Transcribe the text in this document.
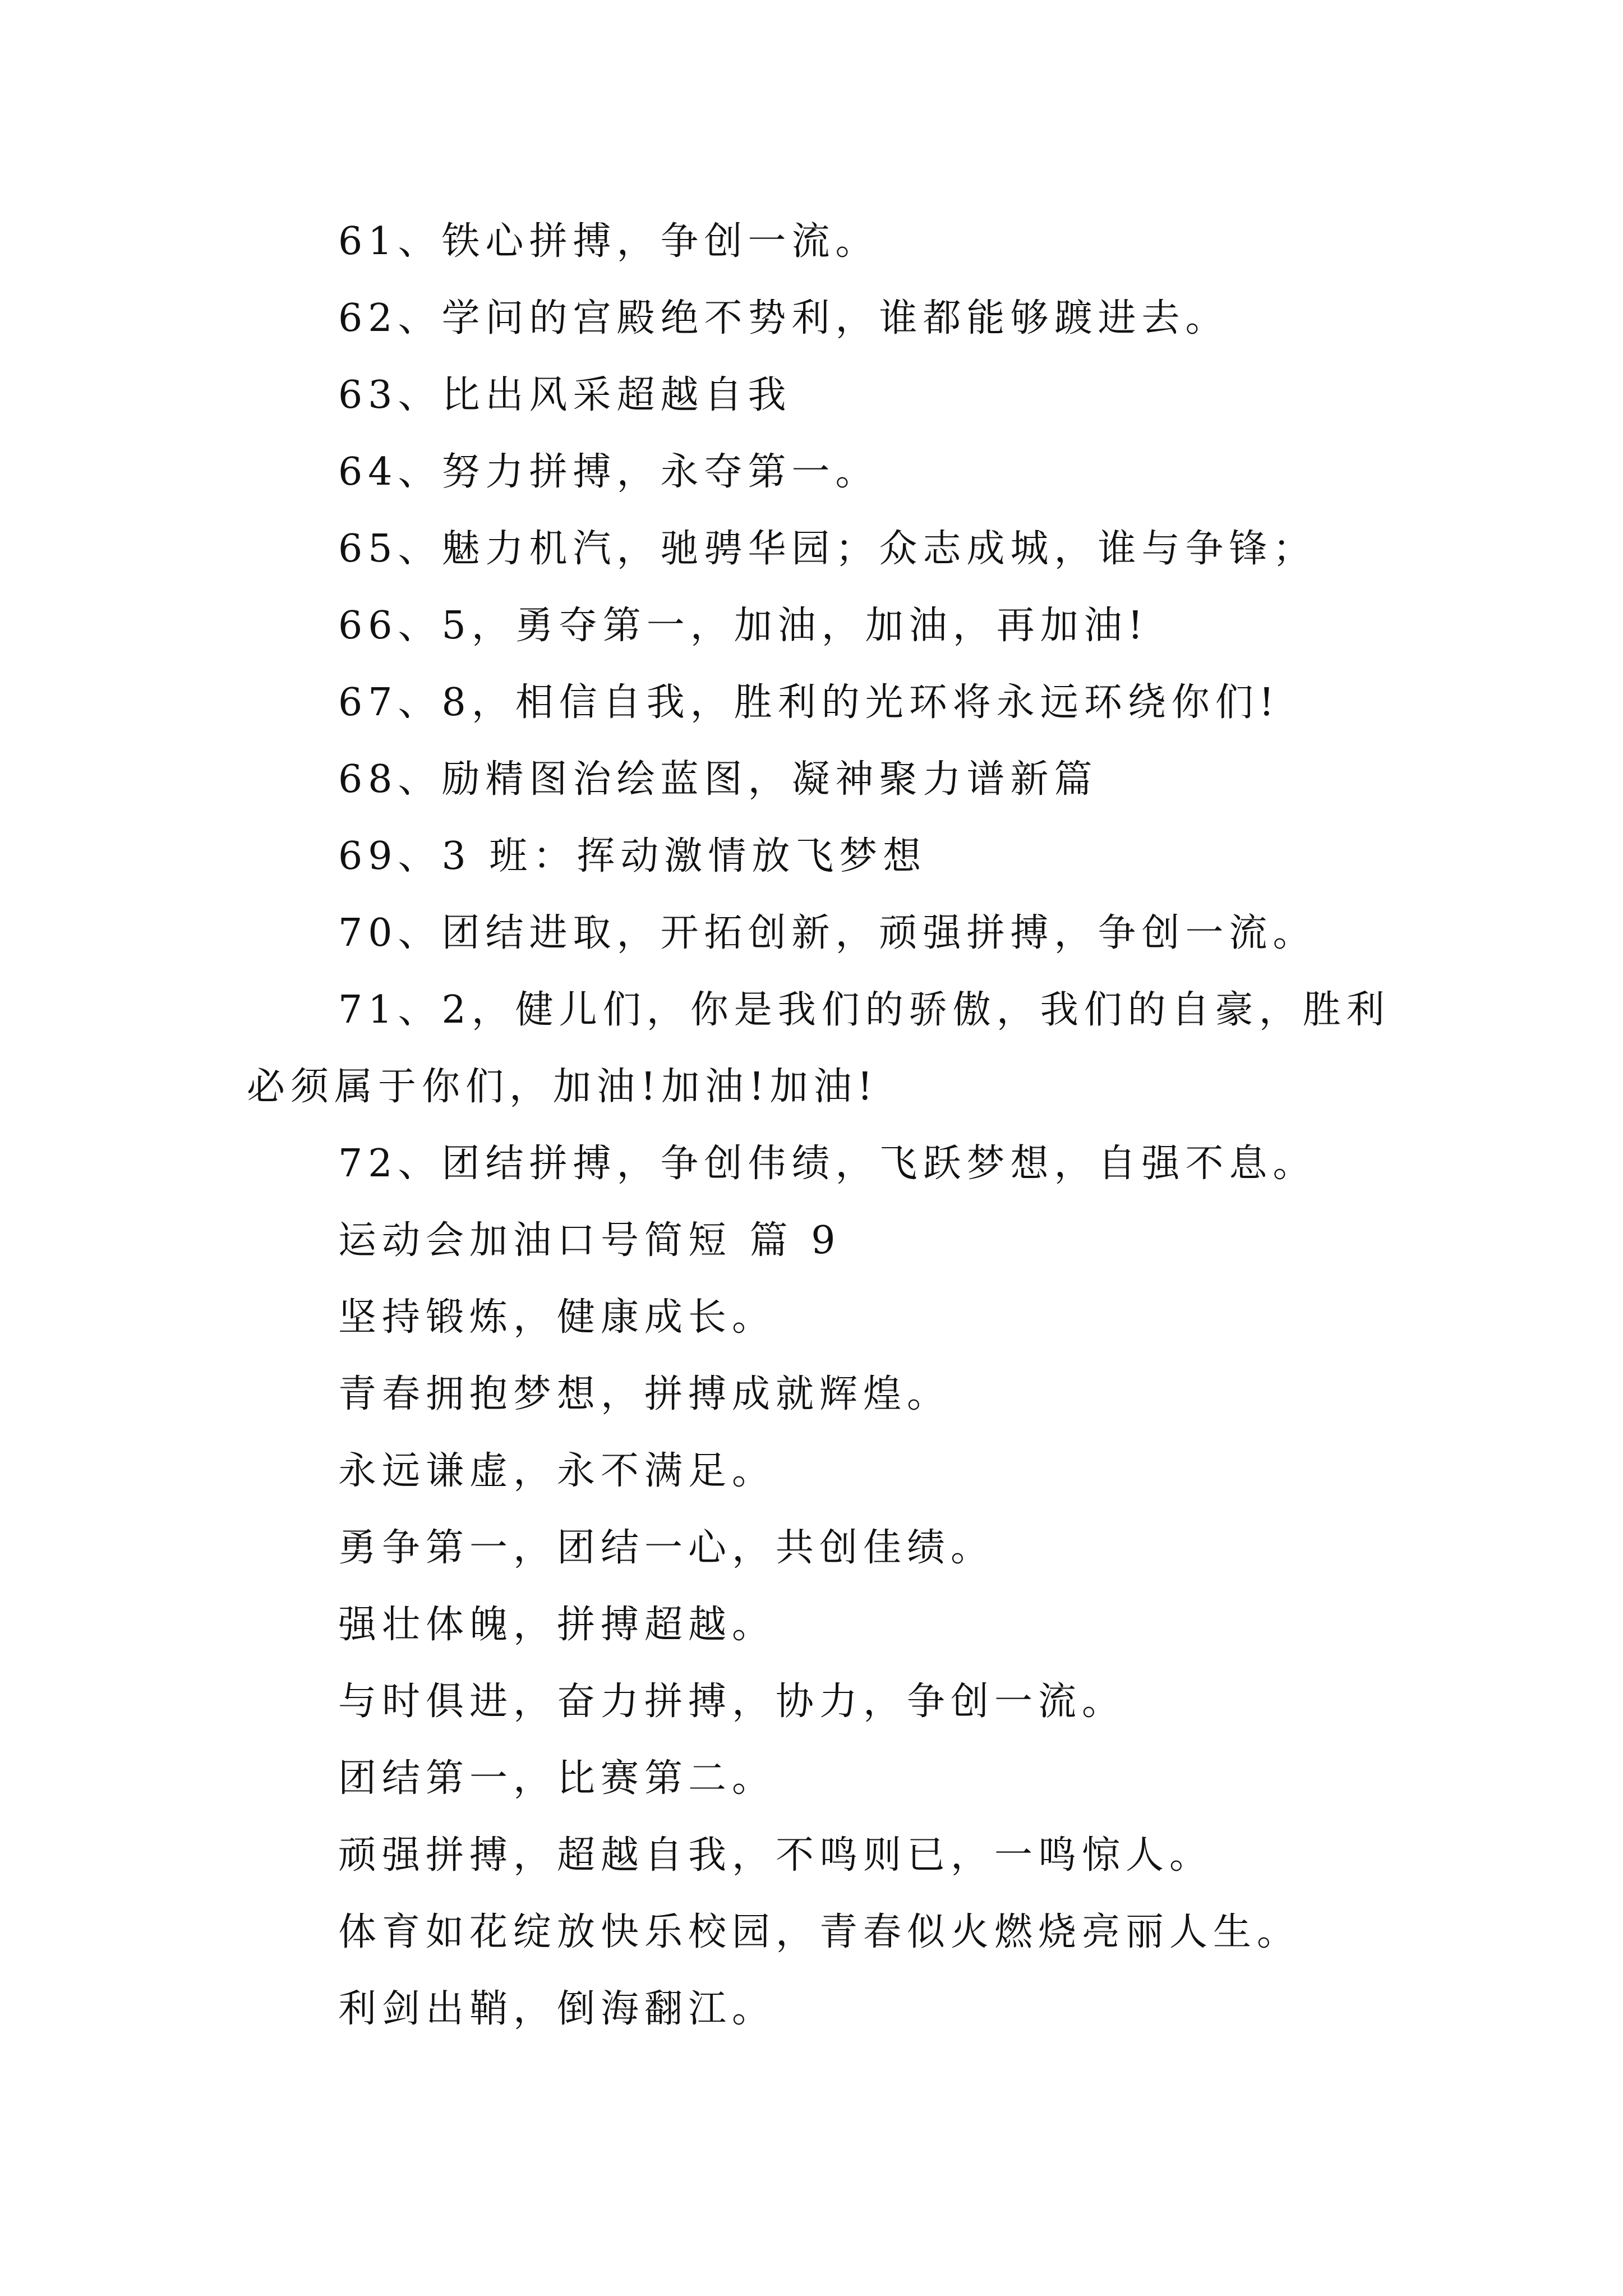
61、铁心拼搏，争创一流。
62、学问的宫殿绝不势利，谁都能够踱进去。
63、比出风采超越自我
64、努力拼搏，永夺第一。
65、魅力机汽，驰骋华园；众志成城，谁与争锋；
66、5，勇夺第一，加油，加油，再加油!
67、8，相信自我，胜利的光环将永远环绕你们!
68、励精图治绘蓝图，凝神聚力谱新篇
69、3 班：挥动激情放飞梦想
70、团结进取，开拓创新，顽强拼搏，争创一流。
71、2，健儿们，你是我们的骄傲，我们的自豪，胜利
必须属于你们，加油!加油!加油!
72、团结拼搏，争创伟绩，飞跃梦想，自强不息。
运动会加油口号简短 篇 9
坚持锻炼，健康成长。
青春拥抱梦想，拼搏成就辉煌。
永远谦虚，永不满足。
勇争第一，团结一心，共创佳绩。
强壮体魄，拼搏超越。
与时俱进，奋力拼搏，协力，争创一流。
团结第一，比赛第二。
顽强拼搏，超越自我，不鸣则已，一鸣惊人。
体育如花绽放快乐校园，青春似火燃烧亮丽人生。
利剑出鞘，倒海翻江。
